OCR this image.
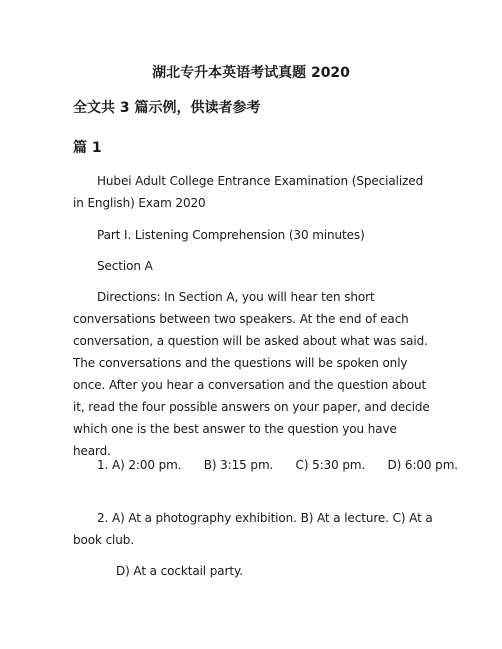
湖北专升本英语考试真题 2020
全文共 3 篇示例，供读者参考
篇 1

Hubei Adult College Entrance Examination (Specialized in English) Exam 2020

Part I. Listening Comprehension (30 minutes)

Section A

Directions: In Section A, you will hear ten short conversations between two speakers. At the end of each conversation, a question will be asked about what was said. The conversations and the questions will be spoken only once. After you hear a conversation and the question about it, read the four possible answers on your paper, and decide which one is the best answer to the question you have heard.

1. A) 2:00 pm.      B) 3:15 pm.      C) 5:30 pm.      D) 6:00 pm.

2. A) At a photography exhibition. B) At a lecture. C) At a book club.

D) At a cocktail party.
